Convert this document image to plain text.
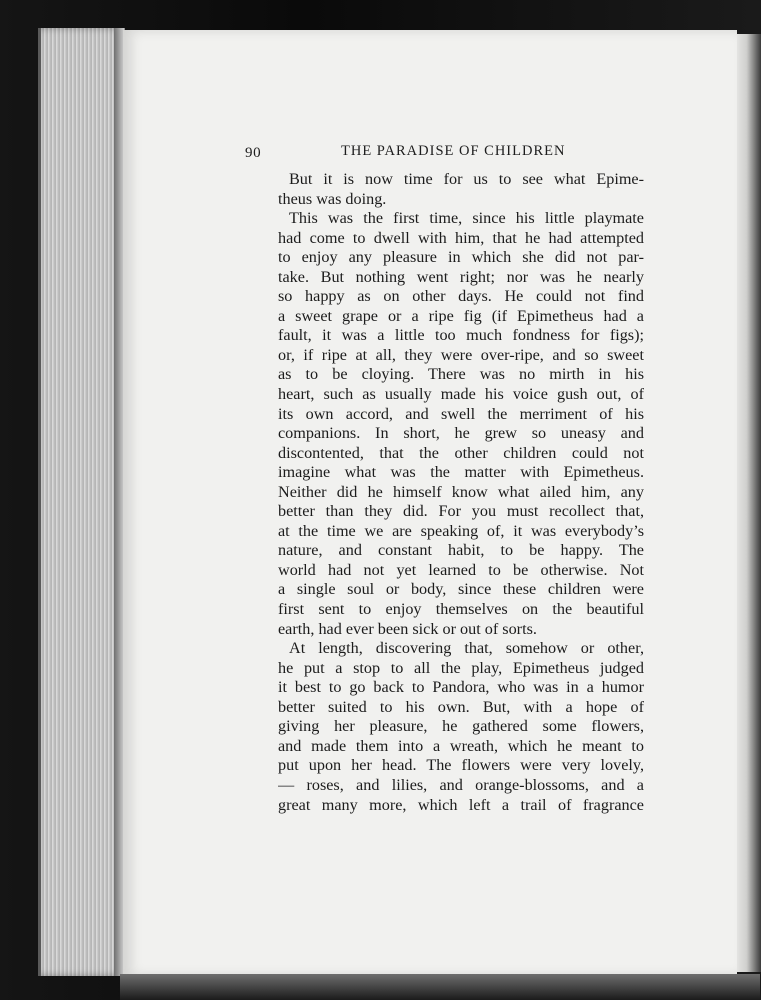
90	THE PARADISE OF CHILDREN
But it is now time for us to see what Epime-
theus was doing.
This was the first time, since his little playmate
had come to dwell with him, that he had attempted
to enjoy any pleasure in which she did not par-
take. But nothing went right; nor was he nearly
so happy as on other days. He could not find
a sweet grape or a ripe fig (if Epimetheus had a
fault, it was a little too much fondness for figs);
or, if ripe at all, they were over-ripe, and so sweet
as to be cloying. There was no mirth in his
heart, such as usually made his voice gush out, of
its own accord, and swell the merriment of his
companions. In short, he grew so uneasy and
discontented, that the other children could not
imagine what was the matter with Epimetheus.
Neither did he himself know what ailed him, any
better than they did. For you must recollect that,
at the time we are speaking of, it was everybody’s
nature, and constant habit, to be happy. The
world had not yet learned to be otherwise. Not
a single soul or body, since these children were
first sent to enjoy themselves on the beautiful
earth, had ever been sick or out of sorts.
At length, discovering that, somehow or other,
he put a stop to all the play, Epimetheus judged
it best to go back to Pandora, who was in a humor
better suited to his own. But, with a hope of
giving her pleasure, he gathered some flowers,
and made them into a wreath, which he meant to
put upon her head. The flowers were very lovely,
— roses, and lilies, and orange-blossoms, and a
great many more, which left a trail of fragrance
